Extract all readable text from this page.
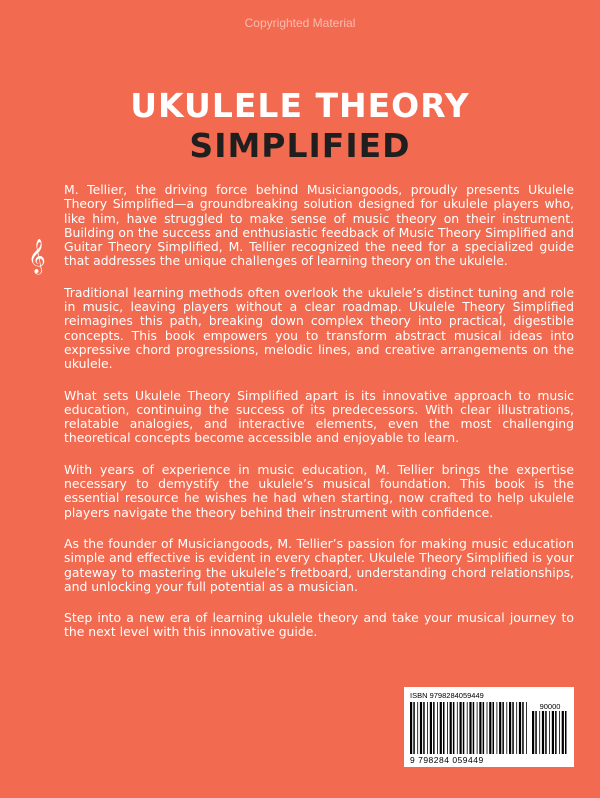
Copyrighted Material
UKULELE THEORY
SIMPLIFIED
𝄞

M. Tellier, the driving force behind Musiciangoods, proudly presents Ukulele Theory Simplified—a groundbreaking solution designed for ukulele players who, like him, have struggled to make sense of music theory on their instrument. Building on the success and enthusiastic feedback of Music Theory Simplified and Guitar Theory Simplified, M. Tellier recognized the need for a specialized guide that addresses the unique challenges of learning theory on the ukulele.

Traditional learning methods often overlook the ukulele’s distinct tuning and role in music, leaving players without a clear roadmap. Ukulele Theory Simplified reimagines this path, breaking down complex theory into practical, digestible concepts. This book empowers you to transform abstract musical ideas into expressive chord progressions, melodic lines, and creative arrangements on the ukulele.

What sets Ukulele Theory Simplified apart is its innovative approach to music education, continuing the success of its predecessors. With clear illustrations, relatable analogies, and interactive elements, even the most challenging theoretical concepts become accessible and enjoyable to learn.

With years of experience in music education, M. Tellier brings the expertise necessary to demystify the ukulele’s musical foundation. This book is the essential resource he wishes he had when starting, now crafted to help ukulele players navigate the theory behind their instrument with confidence.

As the founder of Musiciangoods, M. Tellier’s passion for making music education simple and effective is evident in every chapter. Ukulele Theory Simplified is your gateway to mastering the ukulele’s fretboard, understanding chord relationships, and unlocking your full potential as a musician.

Step into a new era of learning ukulele theory and take your musical journey to the next level with this innovative guide.

ISBN 9798284059449
90000
9 798284 059449
